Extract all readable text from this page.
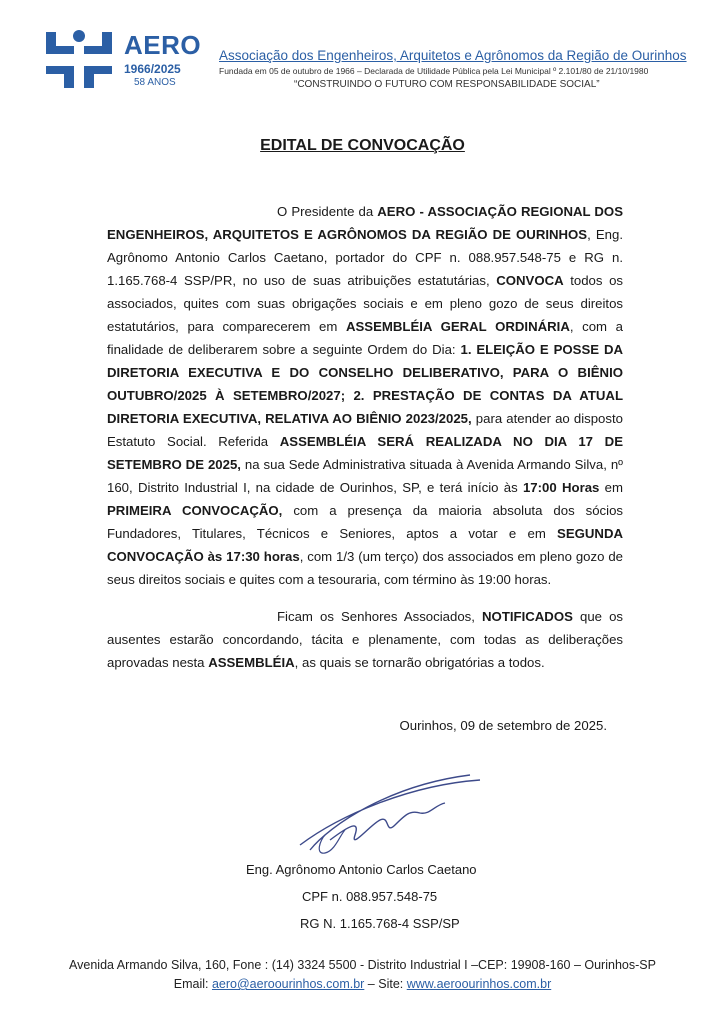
AERO
1966/2025
58 ANOS
Associação dos Engenheiros, Arquitetos e Agrônomos da Região de Ourinhos
Fundada em 05 de outubro de 1966 – Declarada de Utilidade Pública pela Lei Municipal º 2.101/80 de 21/10/1980
“CONSTRUINDO O FUTURO COM RESPONSABILIDADE SOCIAL”
EDITAL DE CONVOCAÇÃO

O Presidente da AERO - ASSOCIAÇÃO REGIONAL DOS ENGENHEIROS, ARQUITETOS E AGRÔNOMOS DA REGIÃO DE OURINHOS, Eng. Agrônomo Antonio Carlos Caetano, portador do CPF n. 088.957.548-75 e RG n. 1.165.768-4 SSP/PR, no uso de suas atribuições estatutárias, CONVOCA todos os associados, quites com suas obrigações sociais e em pleno gozo de seus direitos estatutários, para comparecerem em ASSEMBLÉIA GERAL ORDINÁRIA, com a finalidade de deliberarem sobre a seguinte Ordem do Dia: 1. ELEIÇÃO E POSSE DA DIRETORIA EXECUTIVA E DO CONSELHO DELIBERATIVO, PARA O BIÊNIO OUTUBRO/2025 À SETEMBRO/2027; 2. PRESTAÇÃO DE CONTAS DA ATUAL DIRETORIA EXECUTIVA, RELATIVA AO BIÊNIO 2023/2025, para atender ao disposto Estatuto Social. Referida ASSEMBLÉIA SERÁ REALIZADA NO DIA 17 DE SETEMBRO DE 2025, na sua Sede Administrativa situada à Avenida Armando Silva, nº 160, Distrito Industrial I, na cidade de Ourinhos, SP, e terá início às 17:00 Horas em PRIMEIRA CONVOCAÇÃO, com a presença da maioria absoluta dos sócios Fundadores, Titulares, Técnicos e Seniores, aptos a votar e em SEGUNDA CONVOCAÇÃO às 17:30 horas, com 1/3 (um terço) dos associados em pleno gozo de seus direitos sociais e quites com a tesouraria, com término às 19:00 horas.

Ficam os Senhores Associados, NOTIFICADOS que os ausentes estarão concordando, tácita e plenamente, com todas as deliberações aprovadas nesta ASSEMBLÉIA, as quais se tornarão obrigatórias a todos.

Ourinhos, 09 de setembro de 2025.
Eng. Agrônomo Antonio Carlos Caetano
CPF n. 088.957.548-75
RG N. 1.165.768-4 SSP/SP
Avenida Armando Silva, 160, Fone : (14) 3324 5500 - Distrito Industrial I –CEP: 19908-160 – Ourinhos-SP
Email: aero@aeroourinhos.com.br – Site: www.aeroourinhos.com.br
